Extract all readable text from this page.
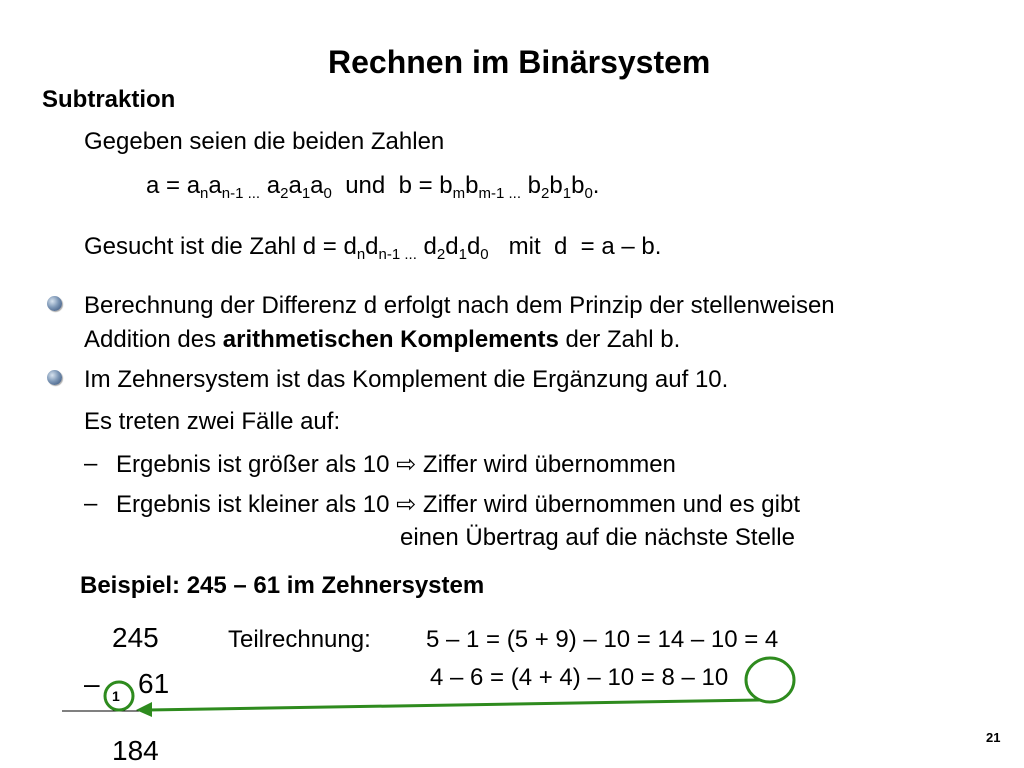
Rechnen im Binärsystem
Subtraktion
Gegeben seien die beiden Zahlen
$a = a_na_{n-1 ...}$ $a_2a_1a_0$  und  $b = b_mb_{m-1 ...}$ $b_2b_1b_0$.
Gesucht ist die Zahl $d = d_nd_{n-1 ...}$ $d_2d_1d_0$   mit  d  = a – b.
Berechnung der Differenz d erfolgt nach dem Prinzip der stellenweisen
Addition des arithmetischen Komplements der Zahl b.
Im Zehnersystem ist das Komplement die Ergänzung auf 10.
Es treten zwei Fälle auf:
– Ergebnis ist größer als 10 ⇨ Ziffer wird übernommen
– Ergebnis ist kleiner als 10 ⇨ Ziffer wird übernommen und es gibt
einen Übertrag auf die nächste Stelle
Beispiel: 245 – 61 im Zehnersystem
245
– 61
1
184
Teilrechnung: 5 – 1 = (5 + 9) – 10 = 14 – 10 = 4
4 – 6 = (4 + 4) – 10 = 8 – 10
21
